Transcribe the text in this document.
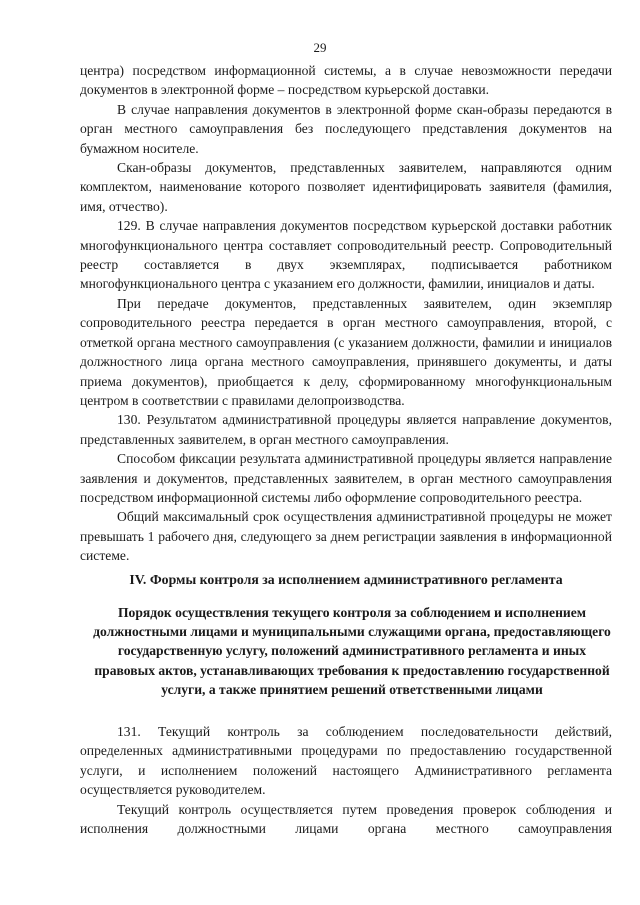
29

центра) посредством информационной системы, а в случае невозможности передачи документов в электронной форме – посредством курьерской доставки.

В случае направления документов в электронной форме скан-образы передаются в орган местного самоуправления без последующего представления документов на бумажном носителе.

Скан-образы документов, представленных заявителем, направляются одним комплектом, наименование которого позволяет идентифицировать заявителя (фамилия, имя, отчество).

129. В случае направления документов посредством курьерской доставки работник многофункционального центра составляет сопроводительный реестр. Сопроводительный реестр составляется в двух экземплярах, подписывается работником многофункционального центра с указанием его должности, фамилии, инициалов и даты.

При передаче документов, представленных заявителем, один экземпляр сопроводительного реестра передается в орган местного самоуправления, второй, с отметкой органа местного самоуправления (с указанием должности, фамилии и инициалов должностного лица органа местного самоуправления, принявшего документы, и даты приема документов), приобщается к делу, сформированному многофункциональным центром в соответствии с правилами делопроизводства.

130. Результатом административной процедуры является направление документов, представленных заявителем, в орган местного самоуправления.

Способом фиксации результата административной процедуры является направление заявления и документов, представленных заявителем, в орган местного самоуправления посредством информационной системы либо оформление сопроводительного реестра.

Общий максимальный срок осуществления административной процедуры не может превышать 1 рабочего дня, следующего за днем регистрации заявления в информационной системе.

IV. Формы контроля за исполнением административного регламента
Порядок осуществления текущего контроля за соблюдением и исполнением должностными лицами и муниципальными служащими органа, предоставляющего государственную услугу, положений административного регламента и иных правовых актов, устанавливающих требования к предоставлению государственной услуги, а также принятием решений ответственными лицами

131. Текущий контроль за соблюдением последовательности действий, определенных административными процедурами по предоставлению государственной услуги, и исполнением положений настоящего Административного регламента осуществляется руководителем.

Текущий контроль осуществляется путем проведения проверок соблюдения и исполнения должностными лицами органа местного самоуправления
